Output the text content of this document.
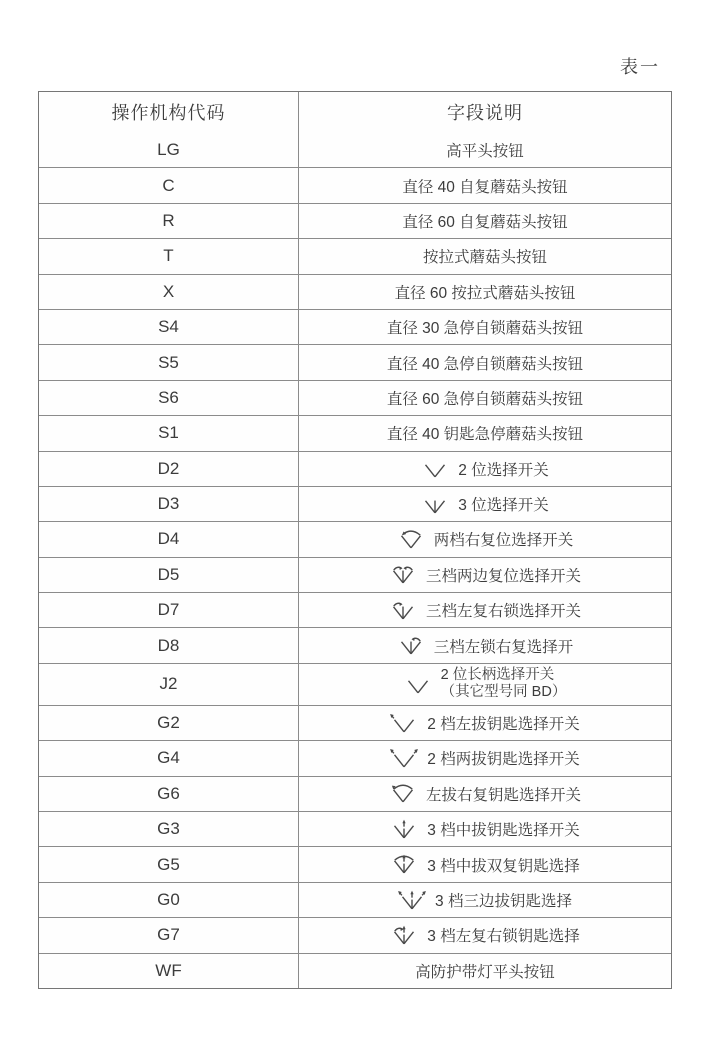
表一
操作机构代码	字段说明
LG	高平头按钮
C	直径 40 自复蘑菇头按钮
R	直径 60 自复蘑菇头按钮
T	按拉式蘑菇头按钮
X	直径 60 按拉式蘑菇头按钮
S4	直径 30 急停自锁蘑菇头按钮
S5	直径 40 急停自锁蘑菇头按钮
S6	直径 60 急停自锁蘑菇头按钮
S1	直径 40 钥匙急停蘑菇头按钮
D2	2 位选择开关
D3	3 位选择开关
D4	两档右复位选择开关
D5	三档两边复位选择开关
D7	三档左复右锁选择开关
D8	三档左锁右复选择开
J2	2 位长柄选择开关
（其它型号同 BD）
G2	2 档左拔钥匙选择开关
G4	2 档两拔钥匙选择开关
G6	左拔右复钥匙选择开关
G3	3 档中拔钥匙选择开关
G5	3 档中拔双复钥匙选择
G0	3 档三边拔钥匙选择
G7	3 档左复右锁钥匙选择
WF	高防护带灯平头按钮
